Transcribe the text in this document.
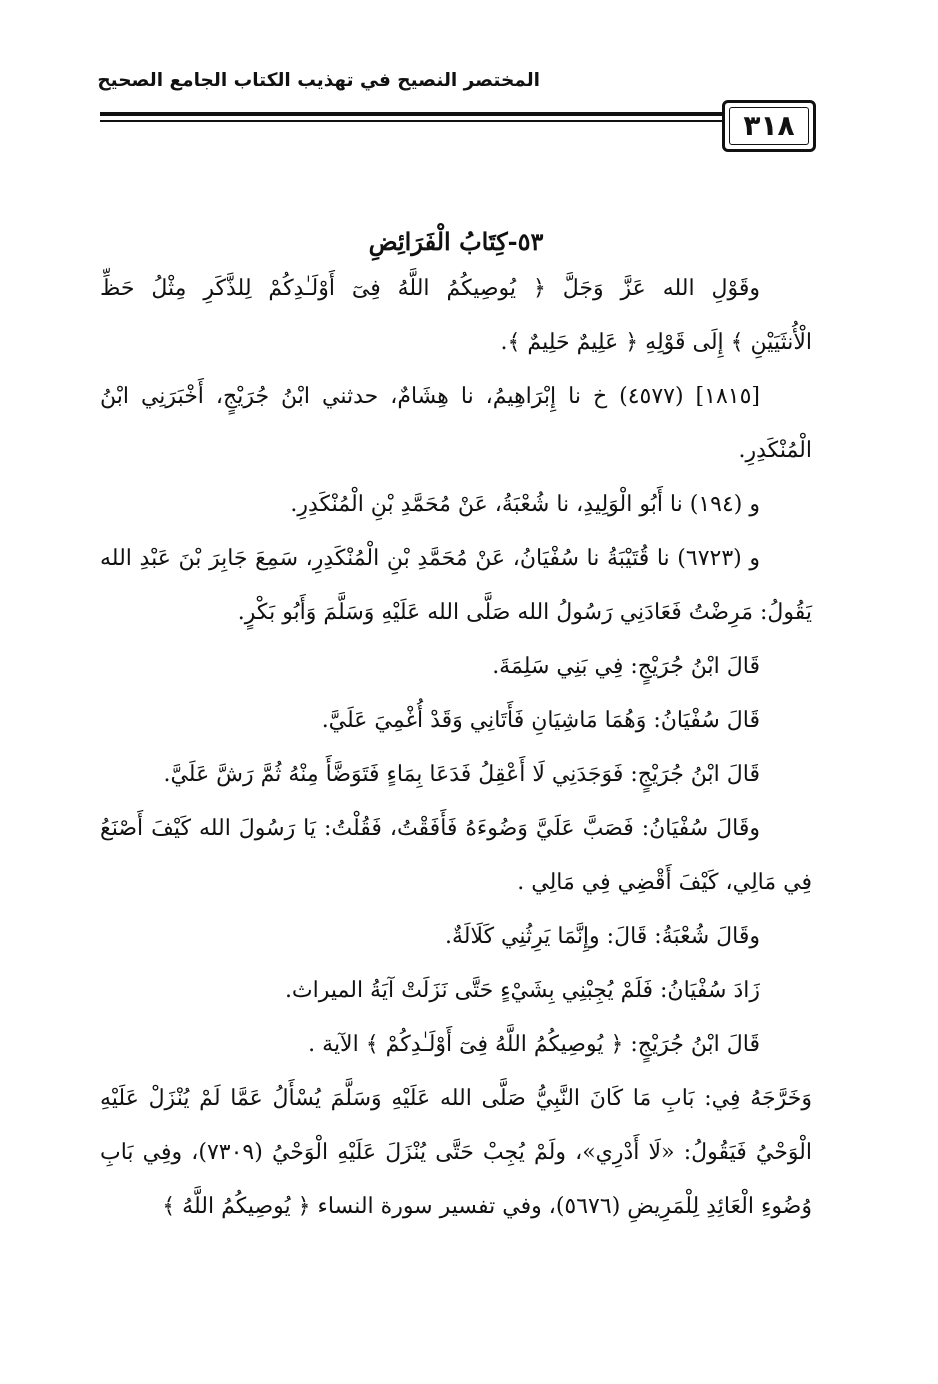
المختصر النصيح في تهذيب الكتاب الجامع الصحيح
٣١٨
٥٣-كِتَابُ الْفَرَائِضِ
وقَوْلِ الله عَزَّ وَجَلَّ ﴿ يُوصِيكُمُ اللَّهُ فِىٓ أَوْلَـٰدِكُمْ لِلذَّكَرِ مِثْلُ حَظِّ
الْأُنثَيَيْنِ ﴾ إِلَى قَوْلِهِ ﴿ عَلِيمٌ حَلِيمٌ ﴾.
[١٨١٥] (٤٥٧٧) خ نا إِبْرَاهِيمُ، نا هِشَامٌ، حدثني ابْنُ جُرَيْجٍ، أَخْبَرَنِي ابْنُ
الْمُنْكَدِرِ.
و (١٩٤) نا أَبُو الْوَلِيدِ، نا شُعْبَةُ، عَنْ مُحَمَّدِ بْنِ الْمُنْكَدِرِ.
و (٦٧٢٣) نا قُتَيْبَةُ نا سُفْيَانُ، عَنْ مُحَمَّدِ بْنِ الْمُنْكَدِرِ، سَمِعَ جَابِرَ بْنَ عَبْدِ الله
يَقُولُ: مَرِضْتُ فَعَادَنِي رَسُولُ الله صَلَّى الله عَلَيْهِ وَسَلَّمَ وَأَبُو بَكْرٍ.
قَالَ ابْنُ جُرَيْجٍ: فِي بَنِي سَلِمَةَ.
قَالَ سُفْيَانُ: وَهُمَا مَاشِيَانِ فَأَتَانِي وَقَدْ أُغْمِيَ عَلَيَّ.
قَالَ ابْنُ جُرَيْجٍ: فَوَجَدَنِي لَا أَعْقِلُ فَدَعَا بِمَاءٍ فَتَوَضَّأَ مِنْهُ ثُمَّ رَشَّ عَلَيَّ.
وقَالَ سُفْيَانُ: فَصَبَّ عَلَيَّ وَضُوءَهُ فَأَفَقْتُ، فَقُلْتُ: يَا رَسُولَ الله كَيْفَ أَصْنَعُ
فِي مَالِي، كَيْفَ أَقْضِي فِي مَالِي .
وقَالَ شُعْبَةُ: قَالَ: وإِنَّمَا يَرِثُنِي كَلَالَةٌ.
زَادَ سُفْيَانُ: فَلَمْ يُجِبْنِي بِشَيْءٍ حَتَّى نَزَلَتْ آيَةُ الميراث.
قَالَ ابْنُ جُرَيْجٍ: ﴿ يُوصِيكُمُ اللَّهُ فِىٓ أَوْلَـٰدِكُمْ ﴾ الآية .
وَخَرَّجَهُ فِي: بَابِ مَا كَانَ النَّبِيُّ صَلَّى الله عَلَيْهِ وَسَلَّمَ يُسْأَلُ عَمَّا لَمْ يُنْزَلْ عَلَيْهِ
الْوَحْيُ فَيَقُولُ: «لَا أَدْرِي»، ولَمْ يُجِبْ حَتَّى يُنْزَلَ عَلَيْهِ الْوَحْيُ (٧٣٠٩)، وفِي بَابِ
وُضُوءِ الْعَائِدِ لِلْمَرِيضِ (٥٦٧٦)، وفي تفسير سورة النساء ﴿ يُوصِيكُمُ اللَّهُ ﴾
